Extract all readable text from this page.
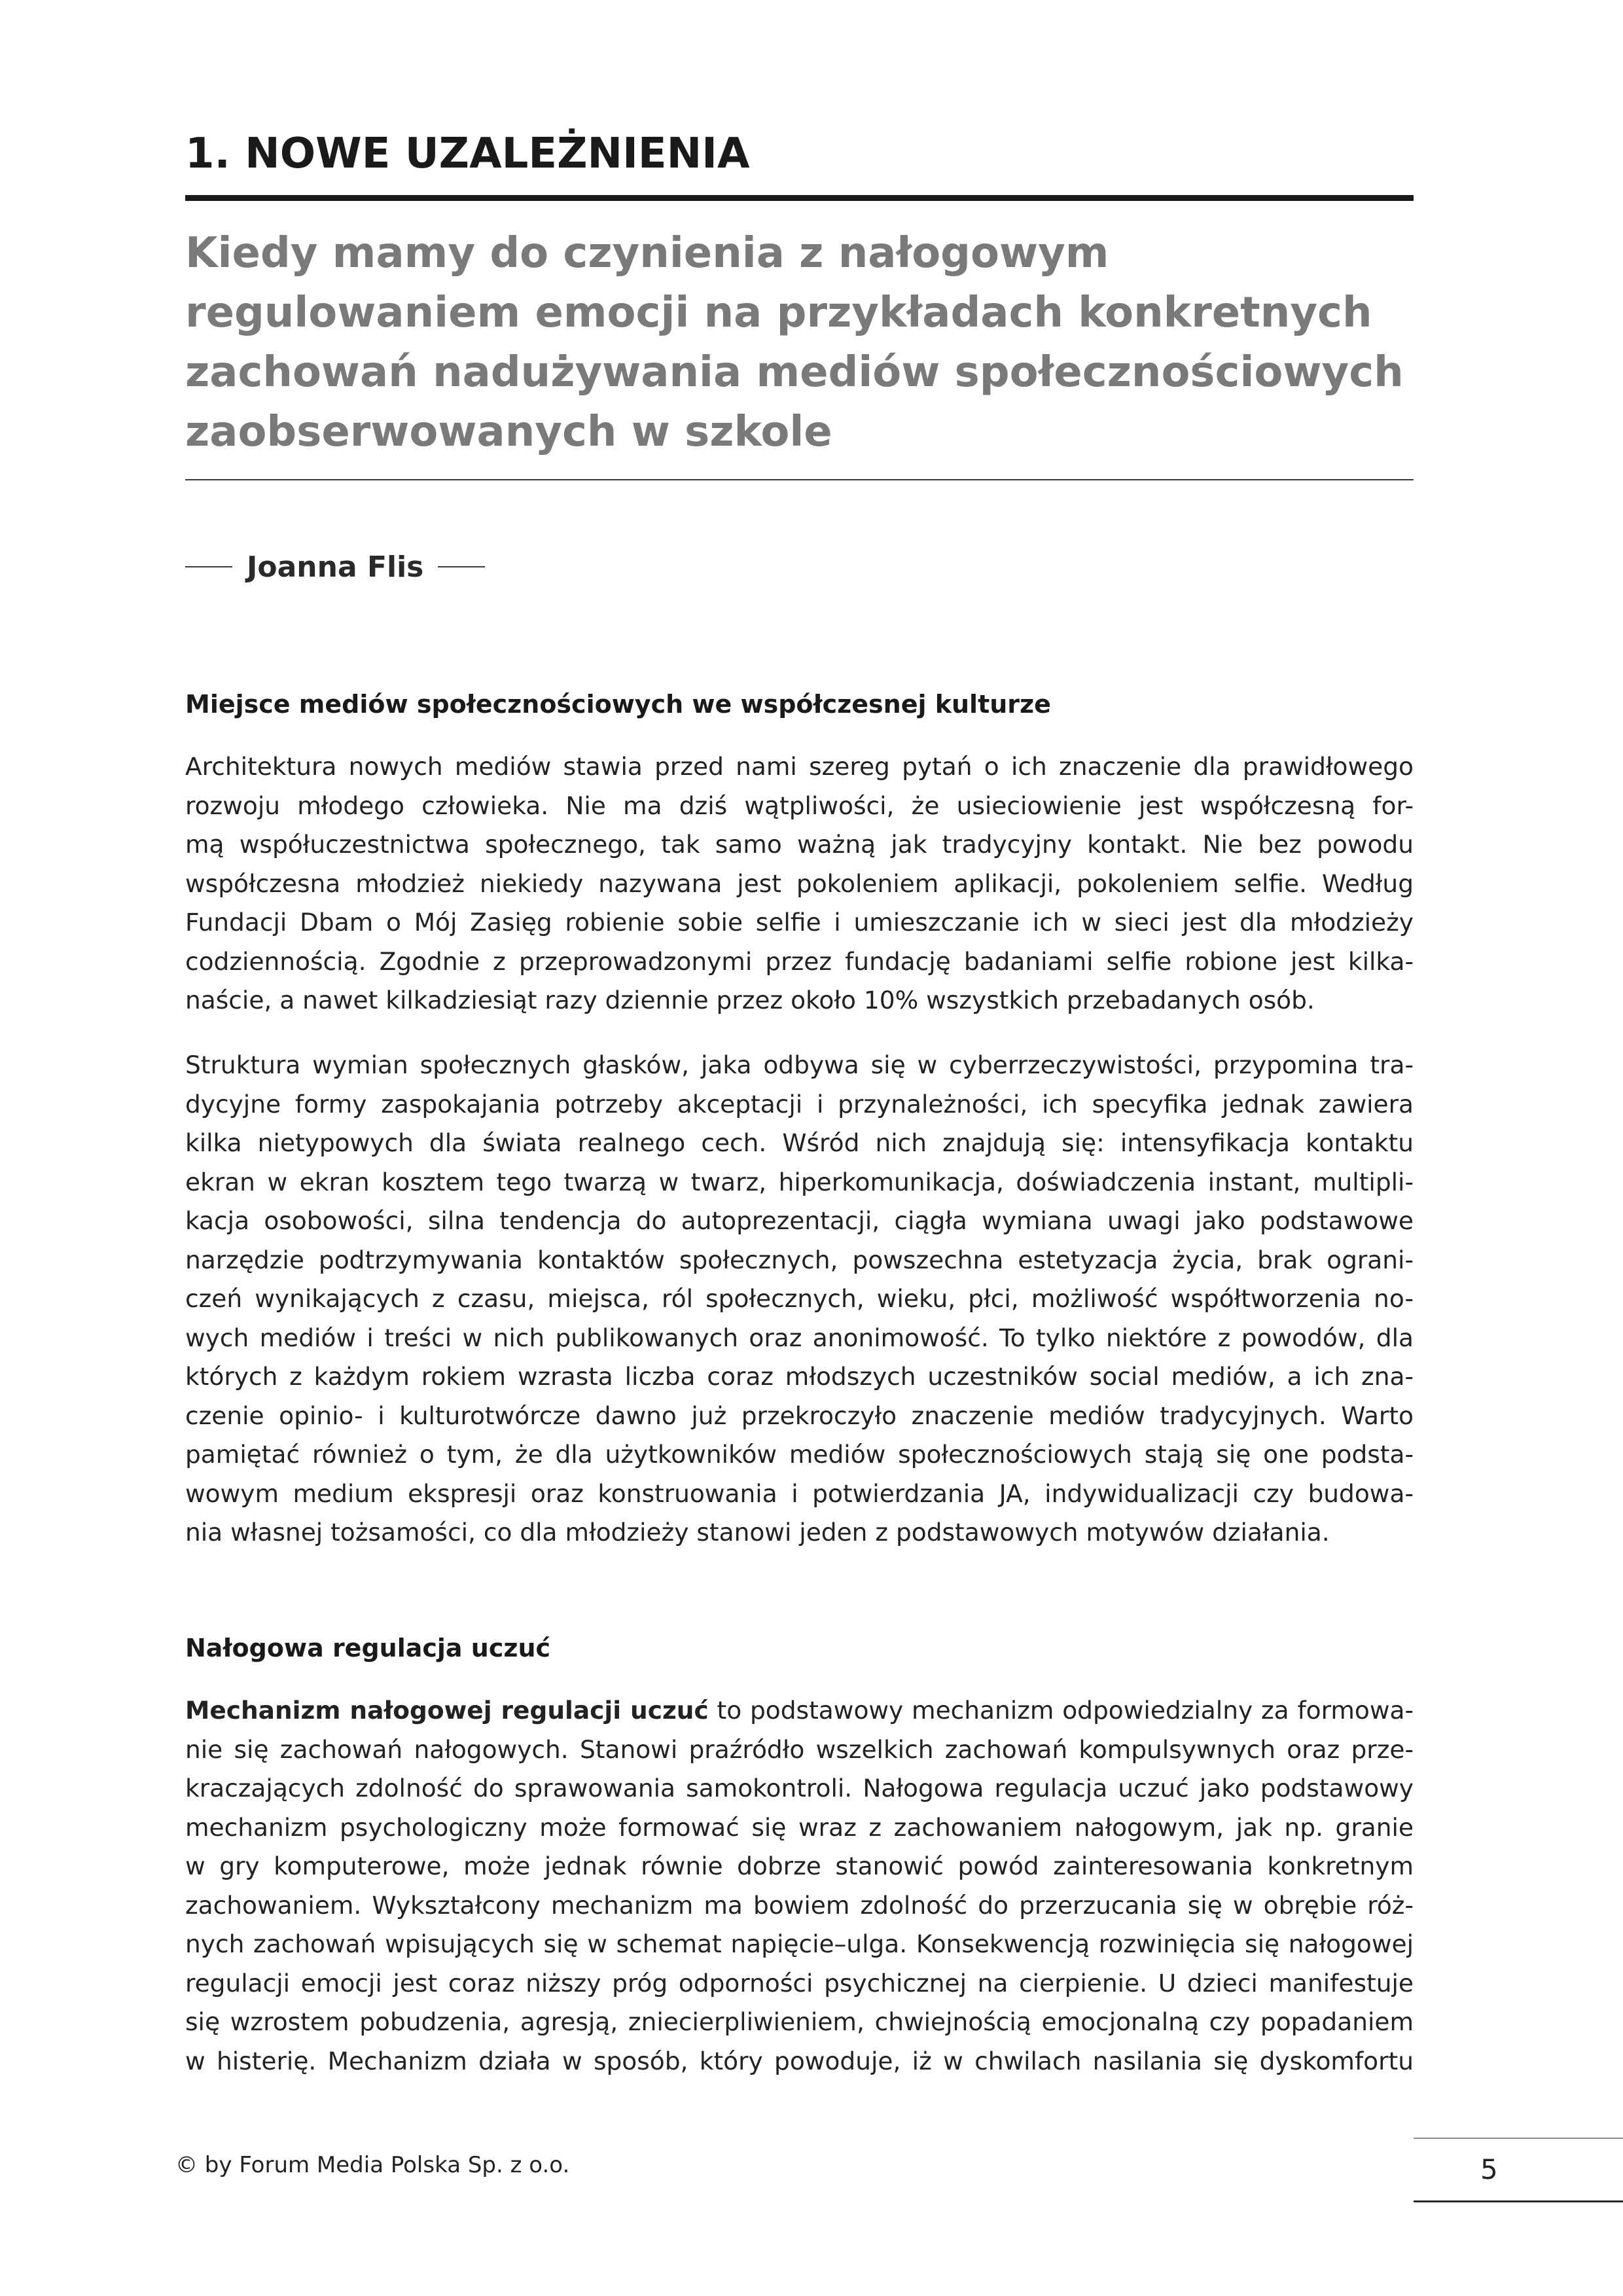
1. NOWE UZALEŻNIENIA
Kiedy mamy do czynienia z nałogowym
regulowaniem emocji na przykładach konkretnych
zachowań nadużywania mediów społecznościowych
zaobserwowanych w szkole
Joanna Flis
Miejsce mediów społecznościowych we współczesnej kulturze
Architektura nowych mediów stawia przed nami szereg pytań o ich znaczenie dla prawidłowego
rozwoju młodego człowieka. Nie ma dziś wątpliwości, że usieciowienie jest współczesną for-
mą współuczestnictwa społecznego, tak samo ważną jak tradycyjny kontakt. Nie bez powodu
współczesna młodzież niekiedy nazywana jest pokoleniem aplikacji, pokoleniem selfie. Według
Fundacji Dbam o Mój Zasięg robienie sobie selfie i umieszczanie ich w sieci jest dla młodzieży
codziennością. Zgodnie z przeprowadzonymi przez fundację badaniami selfie robione jest kilka-
naście, a nawet kilkadziesiąt razy dziennie przez około 10% wszystkich przebadanych osób.
Struktura wymian społecznych głasków, jaka odbywa się w cyberrzeczywistości, przypomina tra-
dycyjne formy zaspokajania potrzeby akceptacji i przynależności, ich specyfika jednak zawiera
kilka nietypowych dla świata realnego cech. Wśród nich znajdują się: intensyfikacja kontaktu
ekran w ekran kosztem tego twarzą w twarz, hiperkomunikacja, doświadczenia instant, multipli-
kacja osobowości, silna tendencja do autoprezentacji, ciągła wymiana uwagi jako podstawowe
narzędzie podtrzymywania kontaktów społecznych, powszechna estetyzacja życia, brak ograni-
czeń wynikających z czasu, miejsca, ról społecznych, wieku, płci, możliwość współtworzenia no-
wych mediów i treści w nich publikowanych oraz anonimowość. To tylko niektóre z powodów, dla
których z każdym rokiem wzrasta liczba coraz młodszych uczestników social mediów, a ich zna-
czenie opinio- i kulturotwórcze dawno już przekroczyło znaczenie mediów tradycyjnych. Warto
pamiętać również o tym, że dla użytkowników mediów społecznościowych stają się one podsta-
wowym medium ekspresji oraz konstruowania i potwierdzania JA, indywidualizacji czy budowa-
nia własnej tożsamości, co dla młodzieży stanowi jeden z podstawowych motywów działania.
Nałogowa regulacja uczuć
Mechanizm nałogowej regulacji uczuć to podstawowy mechanizm odpowiedzialny za formowa-
nie się zachowań nałogowych. Stanowi praźródło wszelkich zachowań kompulsywnych oraz prze-
kraczających zdolność do sprawowania samokontroli. Nałogowa regulacja uczuć jako podstawowy
mechanizm psychologiczny może formować się wraz z zachowaniem nałogowym, jak np. granie
w gry komputerowe, może jednak równie dobrze stanowić powód zainteresowania konkretnym
zachowaniem. Wykształcony mechanizm ma bowiem zdolność do przerzucania się w obrębie róż-
nych zachowań wpisujących się w schemat napięcie–ulga. Konsekwencją rozwinięcia się nałogowej
regulacji emocji jest coraz niższy próg odporności psychicznej na cierpienie. U dzieci manifestuje
się wzrostem pobudzenia, agresją, zniecierpliwieniem, chwiejnością emocjonalną czy popadaniem
w histerię. Mechanizm działa w sposób, który powoduje, iż w chwilach nasilania się dyskomfortu
© by Forum Media Polska Sp. z o.o.	5
